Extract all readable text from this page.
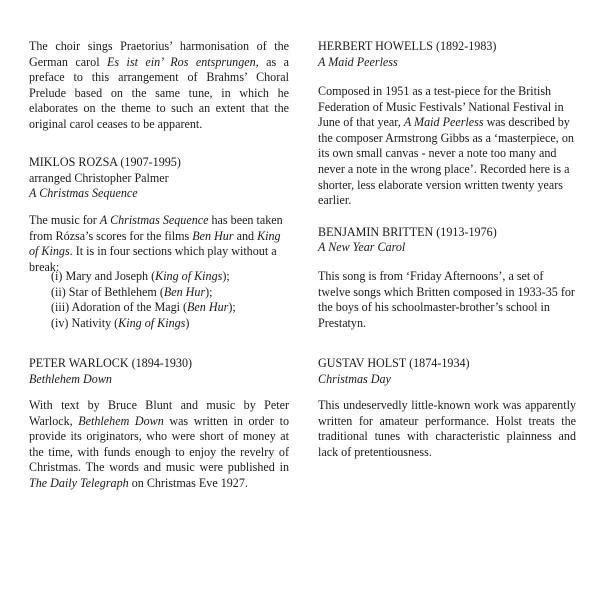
The choir sings Praetorius’ harmonisation of the German carol Es ist ein’ Ros entsprungen, as a preface to this arrangement of Brahms’ Choral Prelude based on the same tune, in which he elaborates on the theme to such an extent that the original carol ceases to be apparent.

MIKLOS ROZSA (1907-1995)

arranged Christopher Palmer

A Christmas Sequence

The music for A Christmas Sequence has been taken from Rózsa’s scores for the films Ben Hur and King of Kings. It is in four sections which play without a break:

(i) Mary and Joseph (King of Kings);
(ii) Star of Bethlehem (Ben Hur);
(iii) Adoration of the Magi (Ben Hur);
(iv) Nativity (King of Kings)

PETER WARLOCK (1894-1930)

Bethlehem Down

With text by Bruce Blunt and music by Peter Warlock, Bethlehem Down was written in order to provide its originators, who were short of money at the time, with funds enough to enjoy the revelry of Christmas. The words and music were published in The Daily Telegraph on Christmas Eve 1927.

HERBERT HOWELLS (1892-1983)

A Maid Peerless

Composed in 1951 as a test-piece for the British Federation of Music Festivals’ National Festival in June of that year, A Maid Peerless was described by the composer Armstrong Gibbs as a ‘masterpiece, on its own small canvas - never a note too many and never a note in the wrong place’. Recorded here is a shorter, less elaborate version written twenty years earlier.

BENJAMIN BRITTEN (1913-1976)

A New Year Carol

This song is from ‘Friday Afternoons’, a set of twelve songs which Britten composed in 1933-35 for the boys of his schoolmaster-brother’s school in Prestatyn.

GUSTAV HOLST (1874-1934)

Christmas Day

This undeservedly little-known work was apparently written for amateur performance. Holst treats the traditional tunes with characteristic plainness and lack of pretentiousness.
